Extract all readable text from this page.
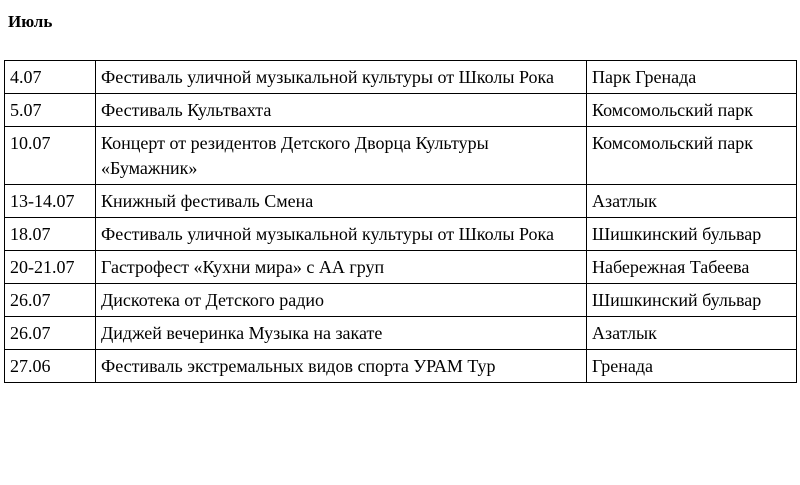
Июль
4.07	Фестиваль уличной музыкальной культуры от Школы Рока	Парк Гренада
5.07	Фестиваль Культвахта	Комсомольский парк
10.07	Концерт от резидентов Детского Дворца Культуры «Бумажник»	Комсомольский парк
13-14.07	Книжный фестиваль Смена	Азатлык
18.07	Фестиваль уличной музыкальной культуры от Школы Рока	Шишкинский бульвар
20-21.07	Гастрофест «Кухни мира» с АА груп	Набережная Табеева
26.07	Дискотека от Детского радио	Шишкинский бульвар
26.07	Диджей вечеринка Музыка на закате	Азатлык
27.06	Фестиваль экстремальных видов спорта УРАМ Тур	Гренада
